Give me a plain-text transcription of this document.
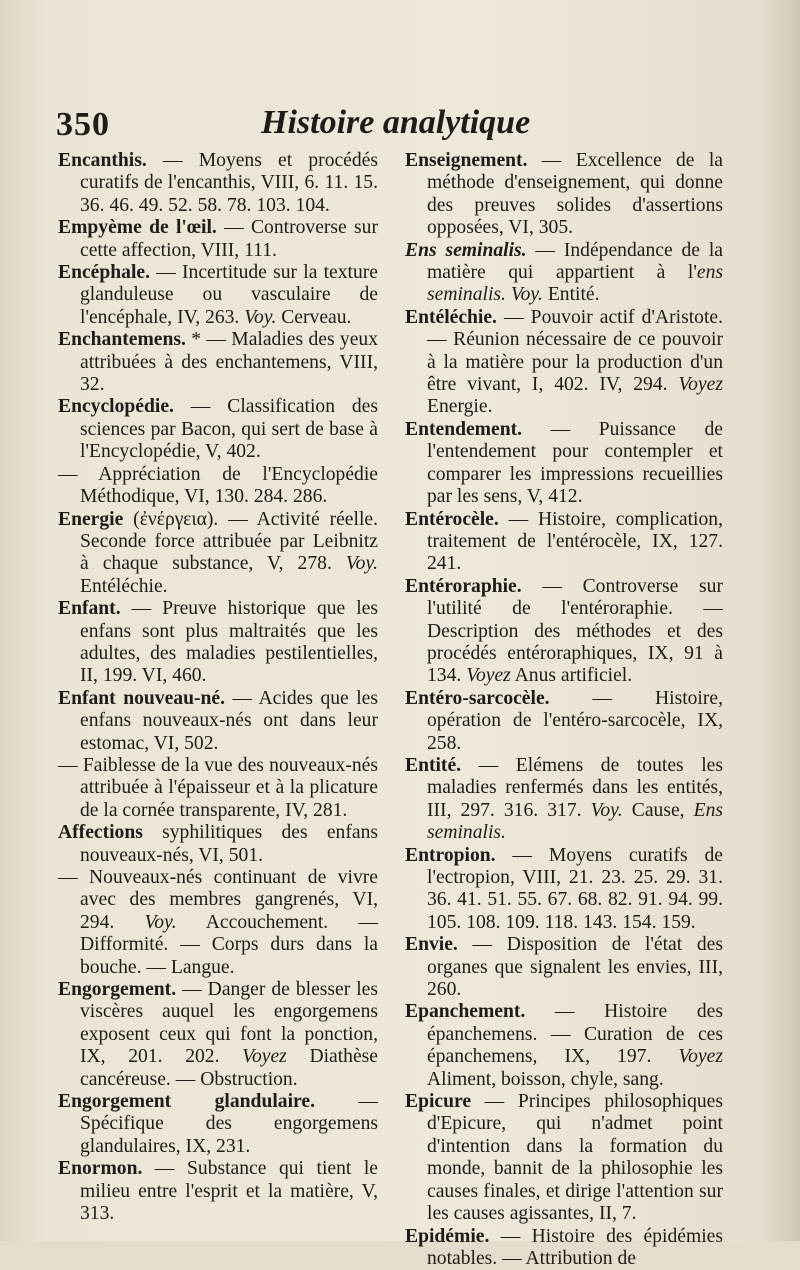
350	Histoire analytique

Encanthis. — Moyens et procédés curatifs de l'encanthis, VIII, 6. 11. 15. 36. 46. 49. 52. 58. 78. 103. 104.

Empyème de l'œil. — Controverse sur cette affection, VIII, 111.

Encéphale. — Incertitude sur la texture glanduleuse ou vasculaire de l'encéphale, IV, 263. Voy. Cerveau.

Enchantemens. * — Maladies des yeux attribuées à des enchantemens, VIII, 32.

Encyclopédie. — Classification des sciences par Bacon, qui sert de base à l'Encyclopédie, V, 402.

— Appréciation de l'Encyclopédie Méthodique, VI, 130. 284. 286.

Energie (ἐνέργεια). — Activité réelle. Seconde force attribuée par Leibnitz à chaque substance, V, 278. Voy. Entéléchie.

Enfant. — Preuve historique que les enfans sont plus maltraités que les adultes, des maladies pestilentielles, II, 199. VI, 460.

Enfant nouveau-né. — Acides que les enfans nouveaux-nés ont dans leur estomac, VI, 502.

— Faiblesse de la vue des nouveaux-nés attribuée à l'épaisseur et à la plicature de la cornée transparente, IV, 281.

Affections syphilitiques des enfans nouveaux-nés, VI, 501.

— Nouveaux-nés continuant de vivre avec des membres gangrenés, VI, 294. Voy. Accouchement. — Difformité. — Corps durs dans la bouche. — Langue.

Engorgement. — Danger de blesser les viscères auquel les engorgemens exposent ceux qui font la ponction, IX, 201. 202. Voyez Diathèse cancéreuse. — Obstruction.

Engorgement glandulaire. — Spécifique des engorgemens glandulaires, IX, 231.

Enormon. — Substance qui tient le milieu entre l'esprit et la matière, V, 313.

Enseignement. — Excellence de la méthode d'enseignement, qui donne des preuves solides d'assertions opposées, VI, 305.

Ens seminalis. — Indépendance de la matière qui appartient à l'ens seminalis. Voy. Entité.

Entéléchie. — Pouvoir actif d'Aristote. — Réunion nécessaire de ce pouvoir à la matière pour la production d'un être vivant, I, 402. IV, 294. Voyez Energie.

Entendement. — Puissance de l'entendement pour contempler et comparer les impressions recueillies par les sens, V, 412.

Entérocèle. — Histoire, complication, traitement de l'entérocèle, IX, 127. 241.

Entéroraphie. — Controverse sur l'utilité de l'entéroraphie. — Description des méthodes et des procédés entéroraphiques, IX, 91 à 134. Voyez Anus artificiel.

Entéro-sarcocèle. — Histoire, opération de l'entéro-sarcocèle, IX, 258.

Entité. — Elémens de toutes les maladies renfermés dans les entités, III, 297. 316. 317. Voy. Cause, Ens seminalis.

Entropion. — Moyens curatifs de l'ectropion, VIII, 21. 23. 25. 29. 31. 36. 41. 51. 55. 67. 68. 82. 91. 94. 99. 105. 108. 109. 118. 143. 154. 159.

Envie. — Disposition de l'état des organes que signalent les envies, III, 260.

Epanchement. — Histoire des épanchemens. — Curation de ces épanchemens, IX, 197. Voyez Aliment, boisson, chyle, sang.

Epicure — Principes philosophiques d'Epicure, qui n'admet point d'intention dans la formation du monde, bannit de la philosophie les causes finales, et dirige l'attention sur les causes agissantes, II, 7.

Epidémie. — Histoire des épidémies notables. — Attribution de
